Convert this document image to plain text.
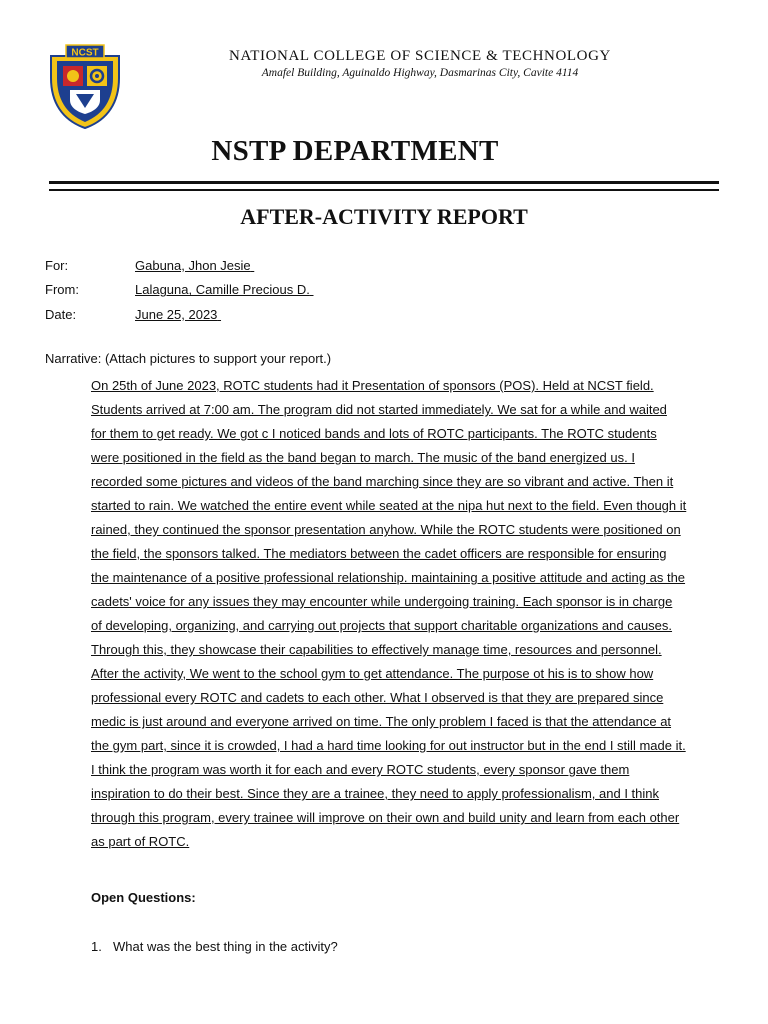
NCST	NATIONAL COLLEGE OF SCIENCE & TECHNOLOGY
Amafel Building, Aguinaldo Highway, Dasmarinas City, Cavite 4114
NSTP DEPARTMENT
AFTER-ACTIVITY REPORT
For:	Gabuna, Jhon Jesie
From:	Lalaguna, Camille Precious D.
Date:	June 25, 2023
Narrative: (Attach pictures to support your report.)
On 25th of June 2023, ROTC students had it Presentation of sponsors (POS). Held at NCST field.
Students arrived at 7:00 am. The program did not started immediately. We sat for a while and waited
for them to get ready. We got c I noticed bands and lots of ROTC participants. The ROTC students
were positioned in the field as the band began to march. The music of the band energized us. I
recorded some pictures and videos of the band marching since they are so vibrant and active. Then it
started to rain. We watched the entire event while seated at the nipa hut next to the field. Even though it
rained, they continued the sponsor presentation anyhow. While the ROTC students were positioned on
the field, the sponsors talked. The mediators between the cadet officers are responsible for ensuring
the maintenance of a positive professional relationship. maintaining a positive attitude and acting as the
cadets' voice for any issues they may encounter while undergoing training. Each sponsor is in charge
of developing, organizing, and carrying out projects that support charitable organizations and causes.
Through this, they showcase their capabilities to effectively manage time, resources and personnel.
After the activity, We went to the school gym to get attendance. The purpose ot his is to show how
professional every ROTC and cadets to each other. What I observed is that they are prepared since
medic is just around and everyone arrived on time. The only problem I faced is that the attendance at
the gym part, since it is crowded, I had a hard time looking for out instructor but in the end I still made it.
I think the program was worth it for each and every ROTC students, every sponsor gave them
inspiration to do their best. Since they are a trainee, they need to apply professionalism, and I think
through this program, every trainee will improve on their own and build unity and learn from each other
as part of ROTC.
Open Questions:
1. What was the best thing in the activity?
